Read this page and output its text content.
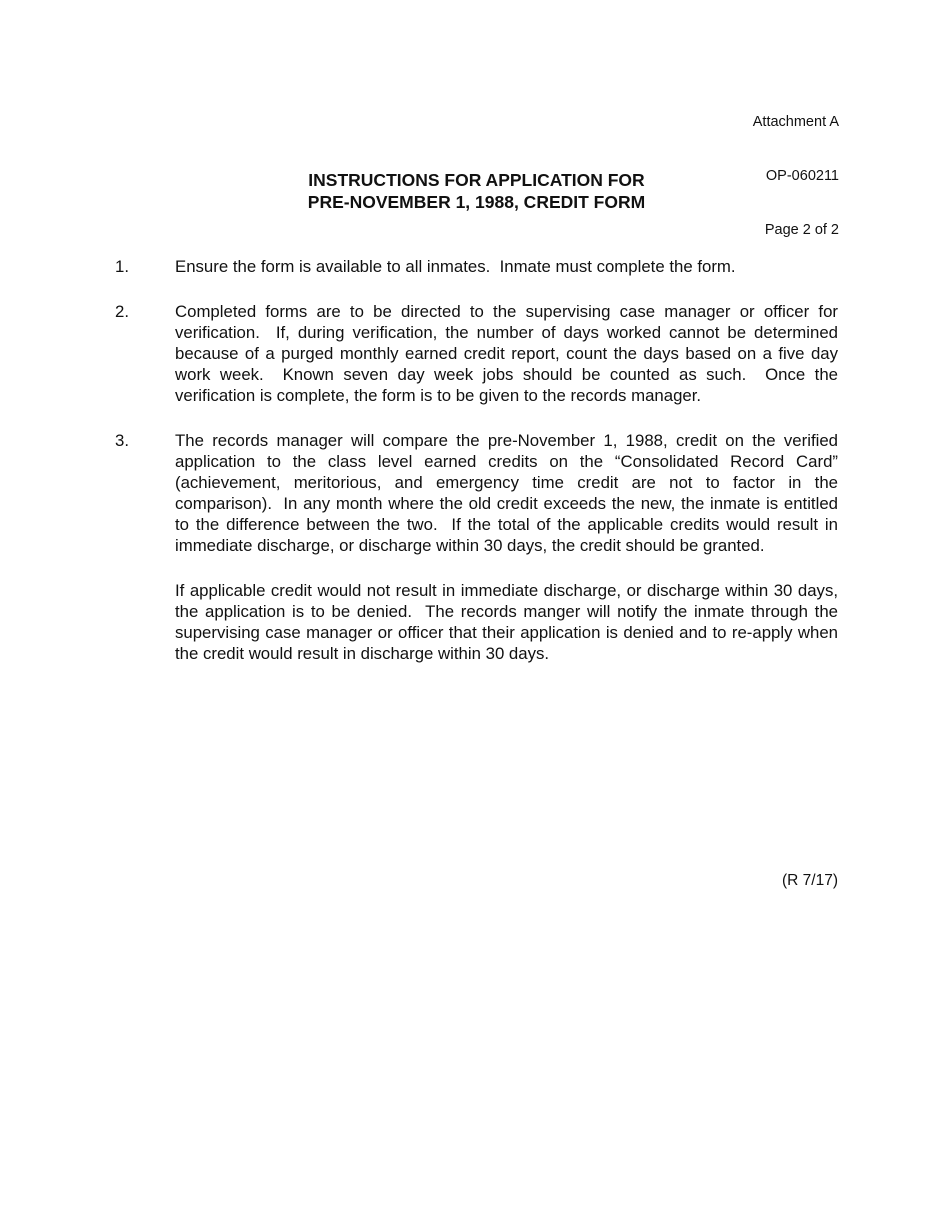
Attachment A

OP-060211

Page 2 of 2

INSTRUCTIONS FOR APPLICATION FOR
PRE-NOVEMBER 1, 1988, CREDIT FORM
1.	Ensure the form is available to all inmates.  Inmate must complete the form.
2.	Completed forms are to be directed to the supervising case manager or officer for verification.  If, during verification, the number of days worked cannot be determined because of a purged monthly earned credit report, count the days based on a five day work week.  Known seven day week jobs should be counted as such.  Once the verification is complete, the form is to be given to the records manager.
3.	The records manager will compare the pre-November 1, 1988, credit on the verified application to the class level earned credits on the “Consolidated Record Card” (achievement, meritorious, and emergency time credit are not to factor in the comparison).  In any month where the old credit exceeds the new, the inmate is entitled to the difference between the two.  If the total of the applicable credits would result in immediate discharge, or discharge within 30 days, the credit should be granted.
If applicable credit would not result in immediate discharge, or discharge within 30 days, the application is to be denied.  The records manger will notify the inmate through the supervising case manager or officer that their application is denied and to re-apply when the credit would result in discharge within 30 days.
(R 7/17)
